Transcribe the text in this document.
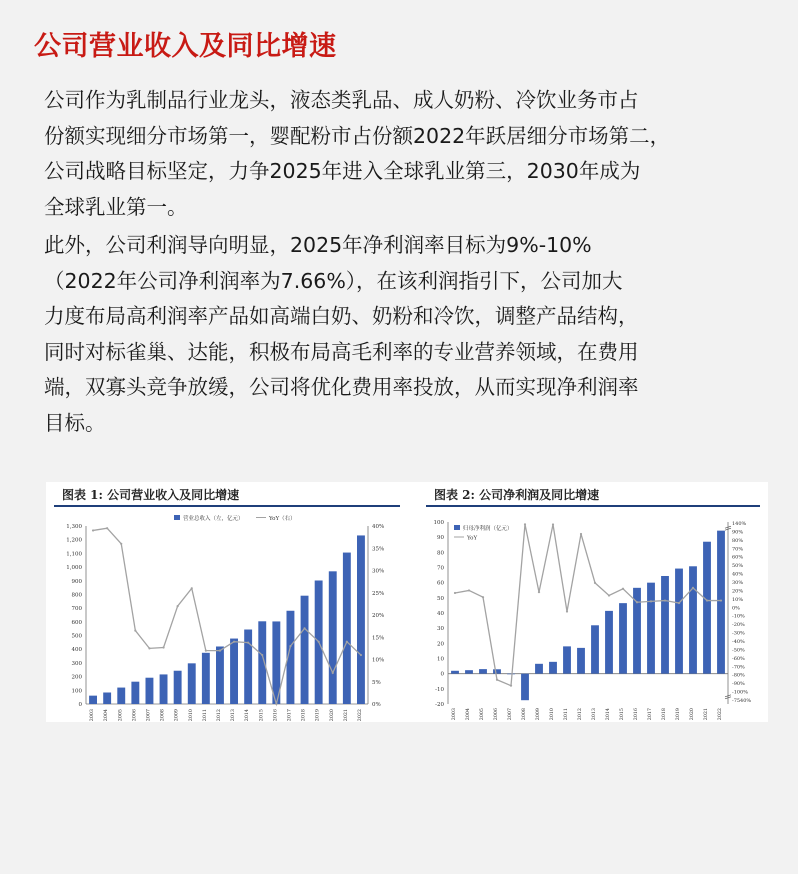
公司营业收入及同比增速
公司作为乳制品行业龙头，液态类乳品、成人奶粉、冷饮业务市占
份额实现细分市场第一，婴配粉市占份额2022年跃居细分市场第二，
公司战略目标坚定，力争2025年进入全球乳业第三，2030年成为
全球乳业第一。
此外，公司利润导向明显，2025年净利润率目标为9%-10%
（2022年公司净利润率为7.66%），在该利润指引下，公司加大
力度布局高利润率产品如高端白奶、奶粉和冷饮，调整产品结构，
同时对标雀巢、达能，积极布局高毛利率的专业营养领域，在费用
端，双寡头竞争放缓，公司将优化费用率投放，从而实现净利润率
目标。
图表 1: 公司营业收入及同比增速
0
100
200
300
400
500
600
700
800
900
1,000
1,100
1,200
1,300
0%
5%
10%
15%
20%
25%
30%
35%
40%
2003 2004 2005 2006 2007 2008 2009 2010 2011 2012 2013 2014 2015 2016 2017 2018 2019 2020 2021 2022
营业总收入（左，亿元）	YoY（右）
图表 2: 公司净利润及同比增速
-20
-10
0
10
20
30
40
50
60
70
80
90
100	140%
90%
80%
70%
60%
50%
40%
30%
20%
10%
0%
-10%
-20%
-30%
-40%
-50%
-60%
-70%
-80%
-90%
-100%
-7540%
2003 2004 2005 2006 2007 2008 2009 2010 2011 2012 2013 2014 2015 2016 2017 2018 2019 2020 2021 2022
归母净利润（亿元）
YoY
